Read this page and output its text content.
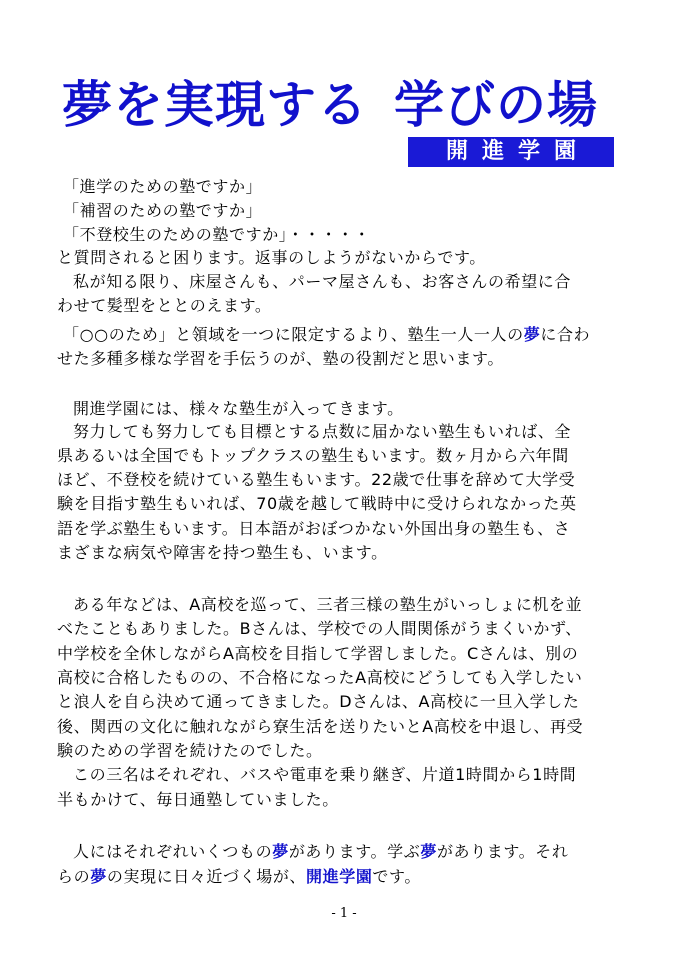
夢を実現する 学びの場
開進学園
「進学のための塾ですか」
「補習のための塾ですか」
「不登校生のための塾ですか」・・・・・
と質問されると困ります。返事のしようがないからです。
私が知る限り、床屋さんも、パーマ屋さんも、お客さんの希望に合
わせて髪型をととのえます。
「○○のため」と領域を一つに限定するより、塾生一人一人の夢に合わ
せた多種多様な学習を手伝うのが、塾の役割だと思います。
開進学園には、様々な塾生が入ってきます。
努力しても努力しても目標とする点数に届かない塾生もいれば、全
県あるいは全国でもトップクラスの塾生もいます。数ヶ月から六年間
ほど、不登校を続けている塾生もいます。22歳で仕事を辞めて大学受
験を目指す塾生もいれば、70歳を越して戦時中に受けられなかった英
語を学ぶ塾生もいます。日本語がおぼつかない外国出身の塾生も、さ
まざまな病気や障害を持つ塾生も、います。
ある年などは、A高校を巡って、三者三様の塾生がいっしょに机を並
べたこともありました。Bさんは、学校での人間関係がうまくいかず、
中学校を全休しながらA高校を目指して学習しました。Cさんは、別の
高校に合格したものの、不合格になったA高校にどうしても入学したい
と浪人を自ら決めて通ってきました。Dさんは、A高校に一旦入学した
後、関西の文化に触れながら寮生活を送りたいとA高校を中退し、再受
験のための学習を続けたのでした。
この三名はそれぞれ、バスや電車を乗り継ぎ、片道1時間から1時間
半もかけて、毎日通塾していました。
人にはそれぞれいくつもの夢があります。学ぶ夢があります。それ
らの夢の実現に日々近づく場が、開進学園です。
- 1 -
